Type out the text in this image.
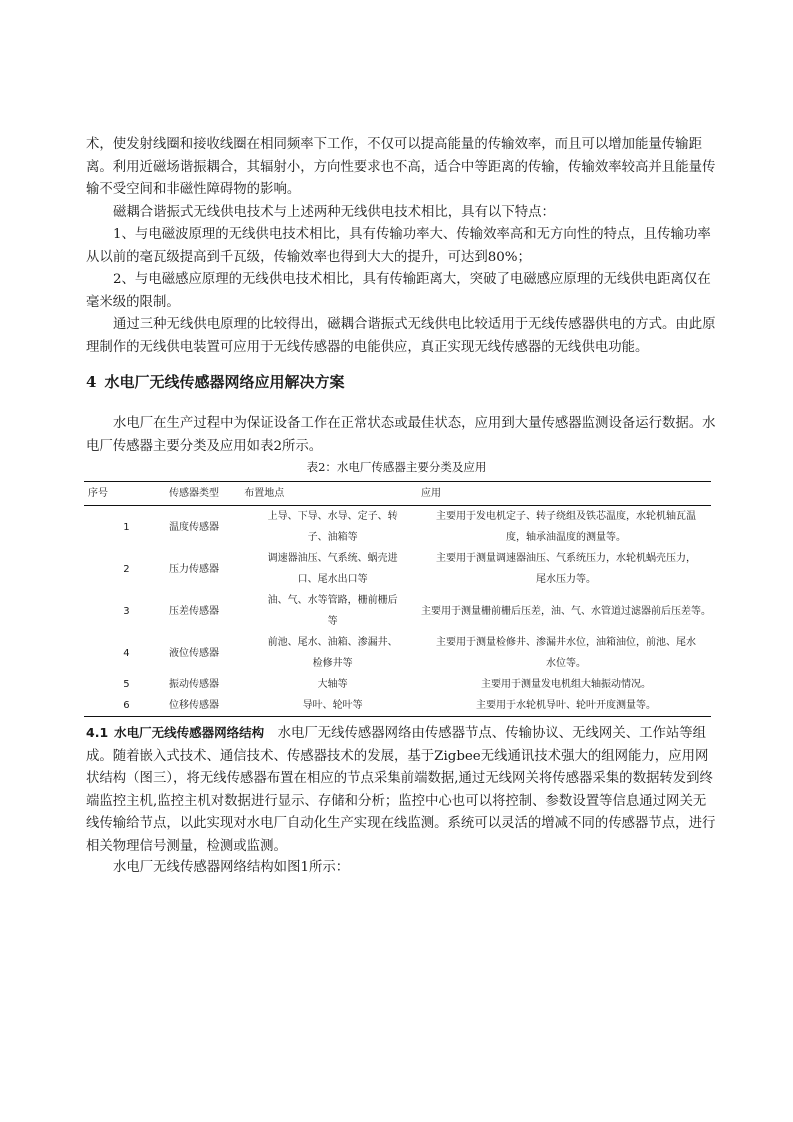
术，使发射线圈和接收线圈在相同频率下工作，不仅可以提高能量的传输效率，而且可以增加能量传输距离。利用近磁场谐振耦合，其辐射小，方向性要求也不高，适合中等距离的传输，传输效率较高并且能量传输不受空间和非磁性障碍物的影响。

磁耦合谐振式无线供电技术与上述两种无线供电技术相比，具有以下特点：

1、与电磁波原理的无线供电技术相比，具有传输功率大、传输效率高和无方向性的特点，且传输功率从以前的毫瓦级提高到千瓦级，传输效率也得到大大的提升，可达到80%；

2、与电磁感应原理的无线供电技术相比，具有传输距离大，突破了电磁感应原理的无线供电距离仅在毫米级的限制。

通过三种无线供电原理的比较得出，磁耦合谐振式无线供电比较适用于无线传感器供电的方式。由此原理制作的无线供电装置可应用于无线传感器的电能供应，真正实现无线传感器的无线供电功能。

4 水电厂无线传感器网络应用解决方案

水电厂在生产过程中为保证设备工作在正常状态或最佳状态，应用到大量传感器监测设备运行数据。水电厂传感器主要分类及应用如表2所示。

表2：水电厂传感器主要分类及应用

序号	传感器类型	布置地点	应用
1	温度传感器	上导、下导、水导、定子、转子、油箱等	主要用于发电机定子、转子绕组及铁芯温度，水轮机轴瓦温度，轴承油温度的测量等。
2	压力传感器	调速器油压、气系统、蜗壳进口、尾水出口等	主要用于测量调速器油压、气系统压力，水轮机蜗壳压力，尾水压力等。
3	压差传感器	油、气、水等管路，栅前栅后等	主要用于测量栅前栅后压差，油、气、水管道过滤器前后压差等。
4	液位传感器	前池、尾水、油箱、渗漏井、检修井等	主要用于测量检修井、渗漏井水位，油箱油位，前池、尾水水位等。
5	振动传感器	大轴等	主要用于测量发电机组大轴振动情况。
6	位移传感器	导叶、轮叶等	主要用于水轮机导叶、轮叶开度测量等。

4.1 水电厂无线传感器网络结构  水电厂无线传感器网络由传感器节点、传输协议、无线网关、工作站等组成。随着嵌入式技术、通信技术、传感器技术的发展，基于Zigbee无线通讯技术强大的组网能力，应用网状结构（图三），将无线传感器布置在相应的节点采集前端数据,通过无线网关将传感器采集的数据转发到终端监控主机,监控主机对数据进行显示、存储和分析；监控中心也可以将控制、参数设置等信息通过网关无线传输给节点，以此实现对水电厂自动化生产实现在线监测。系统可以灵活的增减不同的传感器节点，进行相关物理信号测量，检测或监测。

水电厂无线传感器网络结构如图1所示：
